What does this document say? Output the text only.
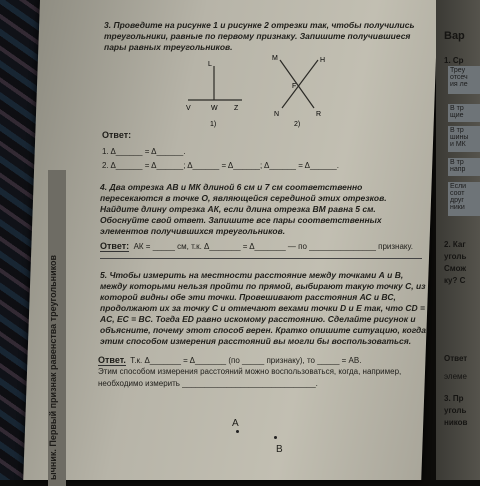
ычник. Первый признак равенства треугольников
Вар
1. Ср
Треу
отсеч
ия ле
В тр
щие
В тр
шины
и МК
В тр
напр
Если
соот
друг
ники
2. Каг
уголь
Смож
ку? С
Ответ
элеме
3. Пр
уголь
ников
3. Проведите на рисунке 1 и рисунке 2 отрезки так, чтобы получились треугольники, равные по первому признаку. Запишите получившиеся пары равных треугольников.
L
V	W Z
1)
M	H
F
N	R
2)
Ответ:
1. Δ______ = Δ______.
2. Δ______ = Δ______; Δ______ = Δ______; Δ______ = Δ______.
4. Два отрезка АВ и МК длиной 6 см и 7 см соответственно пересекаются в точке О, являющейся серединой этих отрезков. Найдите длину отрезка АК, если длина отрезка ВМ равна 5 см. Обоснуйте свой ответ. Запишите все пары соответственных элементов получившихся треугольников.
Ответ: АК = _____ см, т.к. Δ_______ = Δ_______ — по _______________ признаку.
5. Чтобы измерить на местности расстояние между точками А и В, между которыми нельзя пройти по прямой, выбирают такую точку С, из которой видны обе эти точки. Провешивают расстояния АС и ВС, продолжают их за точку С и отмечают вехами точки D и Е так, что CD = AC, EC = BC. Тогда ED равно искомому расстоянию. Сделайте рисунок и объясните, почему этот способ верен. Кратко опишите ситуацию, когда этим способом измерения расстояний вы могли бы воспользоваться.
Ответ. Т.к. Δ_______ = Δ_______ (по _____ признаку), то _____ = АВ.
Этим способом измерения расстояний можно воспользоваться, когда, например, необходимо измерить ______________________________.
A
B
